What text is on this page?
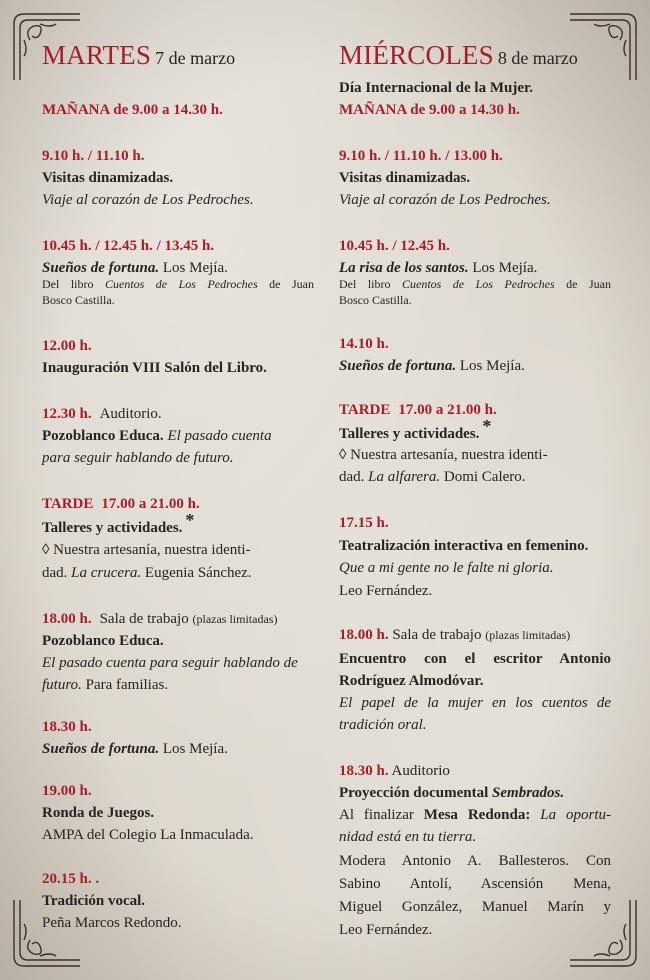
MARTES 7 de marzo
MAÑANA de 9.00 a 14.30 h.
9.10 h. / 11.10 h.
Visitas dinamizadas.
Viaje al corazón de Los Pedroches.
10.45 h. / 12.45 h. / 13.45 h.
Sueños de fortuna. Los Mejía.
Del libro Cuentos de Los Pedroches de Juan
Bosco Castilla.
12.00 h.
Inauguración VIII Salón del Libro.
12.30 h. Auditorio.
Pozoblanco Educa. El pasado cuenta
para seguir hablando de futuro.
TARDE 17.00 a 21.00 h.
Talleres y actividades. *
◊ Nuestra artesanía, nuestra identi-
dad. La crucera. Eugenia Sánchez.
18.00 h. Sala de trabajo (plazas limitadas)
Pozoblanco Educa.
El pasado cuenta para seguir hablando de
futuro. Para familias.
18.30 h.
Sueños de fortuna. Los Mejía.
19.00 h.
Ronda de Juegos.
AMPA del Colegio La Inmaculada.
20.15 h. .
Tradición vocal.
Peña Marcos Redondo.
MIÉRCOLES 8 de marzo
Día Internacional de la Mujer.
MAÑANA de 9.00 a 14.30 h.
9.10 h. / 11.10 h. / 13.00 h.
Visitas dinamizadas.
Viaje al corazón de Los Pedroches.
10.45 h. / 12.45 h.
La risa de los santos. Los Mejía.
Del libro Cuentos de Los Pedroches de Juan
Bosco Castilla.
14.10 h.
Sueños de fortuna. Los Mejía.
TARDE 17.00 a 21.00 h.
Talleres y actividades. *
◊ Nuestra artesanía, nuestra identi-
dad. La alfarera. Domi Calero.
17.15 h.
Teatralización interactiva en femenino.
Que a mi gente no le falte ni gloria.
Leo Fernández.
18.00 h. Sala de trabajo (plazas limitadas)
Encuentro con el escritor Antonio
Rodríguez Almodóvar.
El papel de la mujer en los cuentos de
tradición oral.
18.30 h. Auditorio
Proyección documental Sembrados.
Al finalizar Mesa Redonda: La oportu-
nidad está en tu tierra.
Modera Antonio A. Ballesteros. Con
Sabino Antolí, Ascensión Mena,
Miguel González, Manuel Marín y
Leo Fernández.
